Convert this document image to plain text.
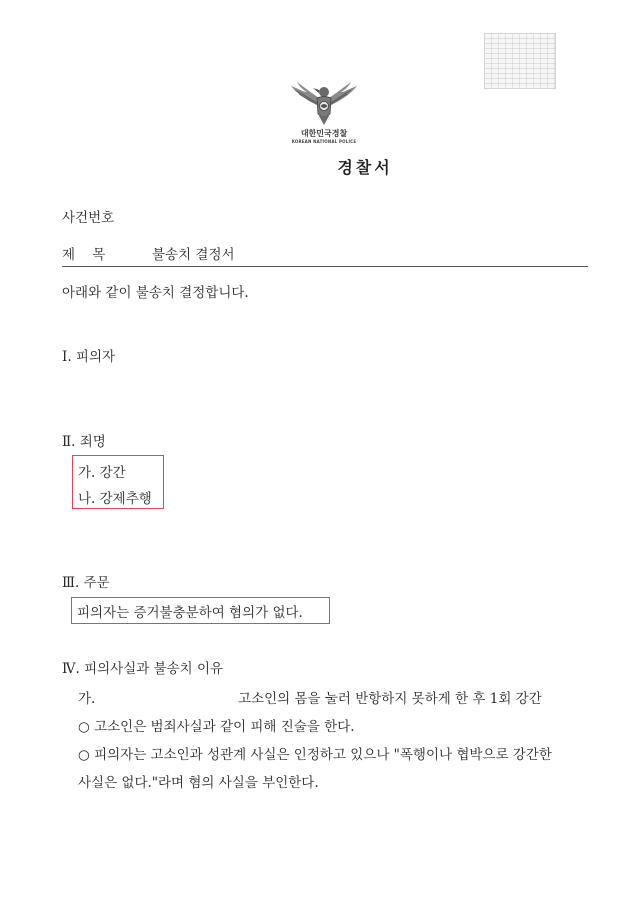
대한민국경찰
KOREAN NATIONAL POLICE
경찰서
사건번호
제    목	불송치 결정서
아래와 같이 불송치 결정합니다.
Ⅰ. 피의자
Ⅱ. 죄명
가. 강간
나. 강제추행
Ⅲ. 주문
피의자는 증거불충분하여 혐의가 없다.
Ⅳ. 피의사실과 불송치 이유
가.	고소인의 몸을 눌러 반항하지 못하게 한 후 1회 강간
○ 고소인은 범죄사실과 같이 피해 진술을 한다.
○ 피의자는 고소인과 성관계 사실은 인정하고 있으나 "폭행이나 협박으로 강간한
사실은 없다."라며 혐의 사실을 부인한다.
